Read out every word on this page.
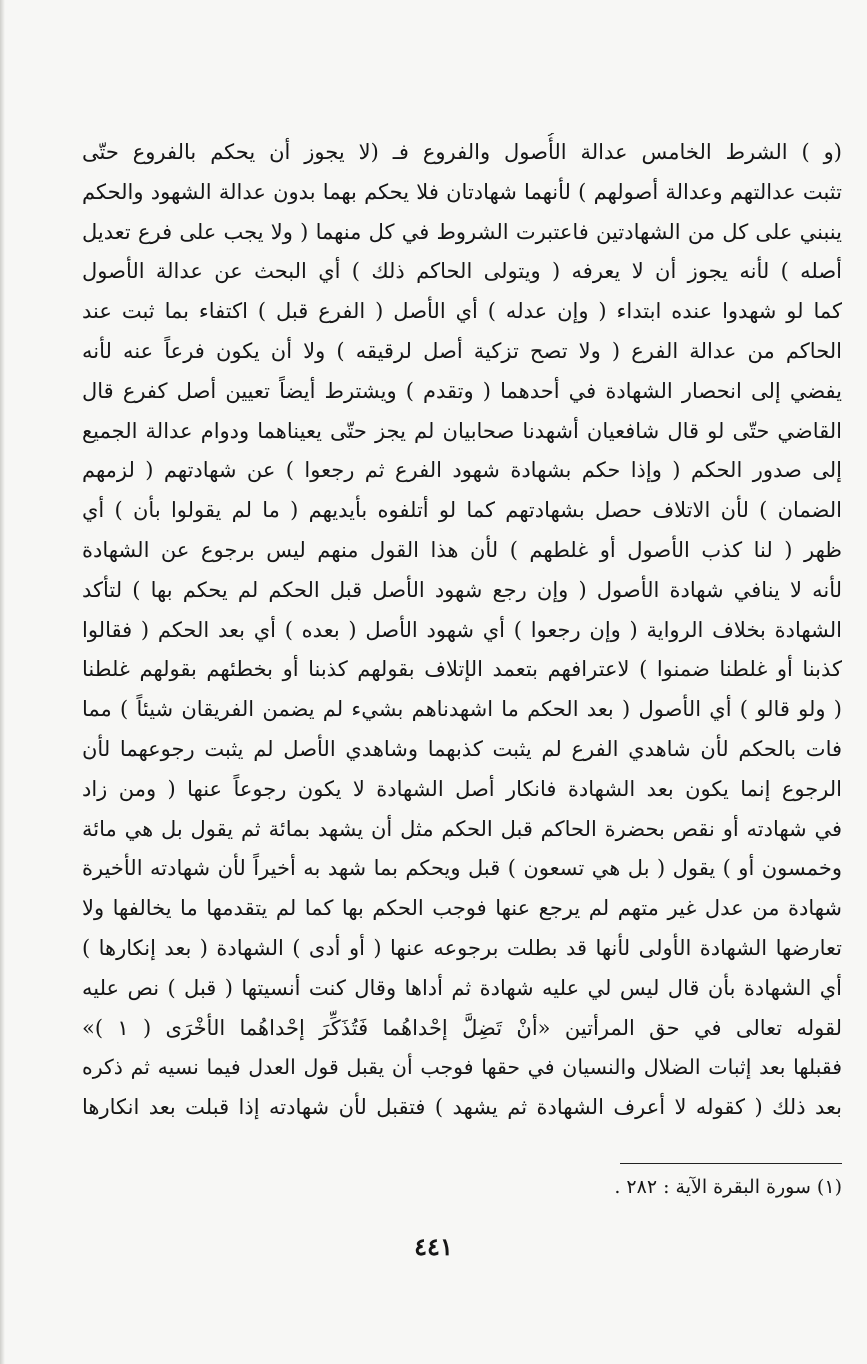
(و ) الشرط الخامس عدالة الأُصول والفروع فـ (لا يجوز أن يحكم بالفروع حتّى
تثبت عدالتهم وعدالة أصولهم ) لأنهما شهادتان فلا يحكم بهما بدون عدالة الشهود والحكم
ينبني على كل من الشهادتين فاعتبرت الشروط في كل منهما ( ولا يجب على فرع تعديل
أصله ) لأنه يجوز أن لا يعرفه ( ويتولى الحاكم ذلك ) أي البحث عن عدالة الأصول
كما لو شهدوا عنده ابتداء ( وإن عدله ) أي الأصل ( الفرع قبل ) اكتفاء بما ثبت عند
الحاكم من عدالة الفرع ( ولا تصح تزكية أصل لرقيقه ) ولا أن يكون فرعاً عنه لأنه
يفضي إلى انحصار الشهادة في أحدهما ( وتقدم ) ويشترط أيضاً تعيين أصل كفرع قال
القاضي حتّى لو قال شافعيان أشهدنا صحابيان لم يجز حتّى يعيناهما ودوام عدالة الجميع
إلى صدور الحكم ( وإذا حكم بشهادة شهود الفرع ثم رجعوا ) عن شهادتهم ( لزمهم
الضمان ) لأن الاتلاف حصل بشهادتهم كما لو أتلفوه بأيديهم ( ما لم يقولوا بأن ) أي
ظهر ( لنا كذب الأصول أو غلطهم ) لأن هذا القول منهم ليس برجوع عن الشهادة
لأنه لا ينافي شهادة الأصول ( وإن رجع شهود الأصل قبل الحكم لم يحكم بها ) لتأكد
الشهادة بخلاف الرواية ( وإن رجعوا ) أي شهود الأصل ( بعده ) أي بعد الحكم ( فقالوا
كذبنا أو غلطنا ضمنوا ) لاعترافهم بتعمد الإتلاف بقولهم كذبنا أو بخطئهم بقولهم غلطنا
( ولو قالو ) أي الأصول ( بعد الحكم ما اشهدناهم بشيء لم يضمن الفريقان شيئاً ) مما
فات بالحكم لأن شاهدي الفرع لم يثبت كذبهما وشاهدي الأصل لم يثبت رجوعهما لأن
الرجوع إنما يكون بعد الشهادة فانكار أصل الشهادة لا يكون رجوعاً عنها ( ومن زاد
في شهادته أو نقص بحضرة الحاكم قبل الحكم مثل أن يشهد بمائة ثم يقول بل هي مائة
وخمسون أو ) يقول ( بل هي تسعون ) قبل ويحكم بما شهد به أخيراً لأن شهادته الأخيرة
شهادة من عدل غير متهم لم يرجع عنها فوجب الحكم بها كما لم يتقدمها ما يخالفها ولا
تعارضها الشهادة الأولى لأنها قد بطلت برجوعه عنها ( أو أدى ) الشهادة ( بعد إنكارها )
أي الشهادة بأن قال ليس لي عليه شهادة ثم أداها وقال كنت أنسيتها ( قبل ) نص عليه
لقوله تعالى في حق المرأتين «أنْ تَضِلَّ إحْداهُما فَتُذَكِّرَ إحْداهُما الأخْرَى ( ١ )»
فقبلها بعد إثبات الضلال والنسيان في حقها فوجب أن يقبل قول العدل فيما نسيه ثم ذكره
بعد ذلك ( كقوله لا أعرف الشهادة ثم يشهد ) فتقبل لأن شهادته إذا قبلت بعد انكارها
(١) سورة البقرة الآية : ٢٨٢ .
٤٤١
